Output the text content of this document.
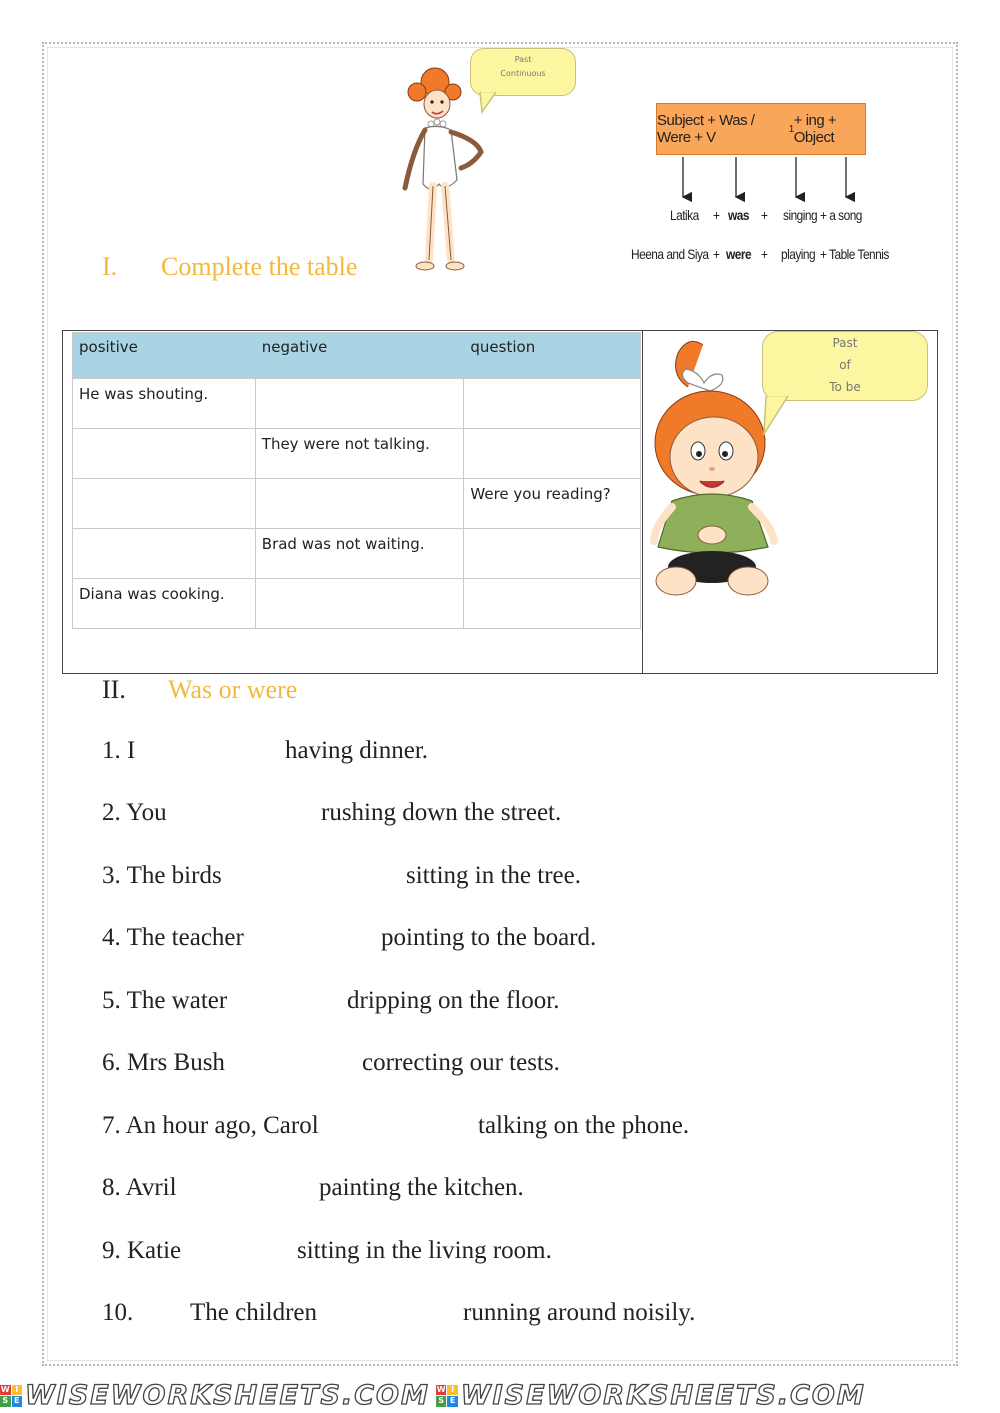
Past
Continuous
Subject + Was / Were + V	1 + ing + Object
Latika + was + singing + a song
Heena and Siya + were + playing + Table Tennis
I. Complete the table
positive	negative	question
He was shouting.		
	They were not talking.	
		Were you reading?
	Brad was not waiting.	
Diana was cooking.		
Past
of
To be
II. Was or were
1. I	having dinner.
2. You	rushing down the street.
3. The birds	sitting in the tree.
4. The teacher	pointing to the board.
5. The water	dripping on the floor.
6. Mrs Bush	correcting our tests.
7. An hour ago, Carol	talking on the phone.
8. Avril	painting the kitchen.
9. Katie	sitting in the living room.
10. The children	running around noisily.
W I
S E WISEWORKSHEETS.COM W I
S E WISEWORKSHEETS.COM
